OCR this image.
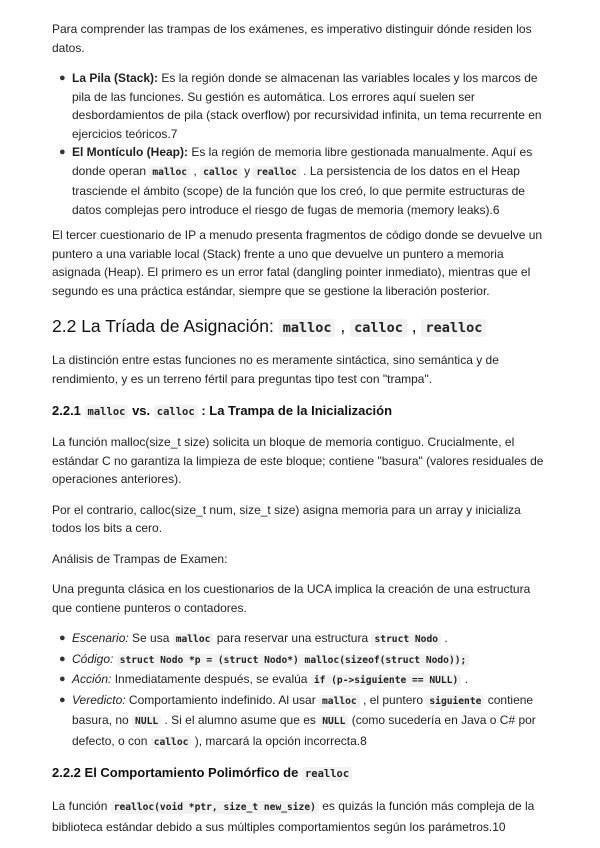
Para comprender las trampas de los exámenes, es imperativo distinguir dónde residen los datos.

● La Pila (Stack): Es la región donde se almacenan las variables locales y los marcos de pila de las funciones. Su gestión es automática. Los errores aquí suelen ser desbordamientos de pila (stack overflow) por recursividad infinita, un tema recurrente en ejercicios teóricos.7
● El Montículo (Heap): Es la región de memoria libre gestionada manualmente. Aquí es donde operan malloc , calloc y realloc . La persistencia de los datos en el Heap trasciende el ámbito (scope) de la función que los creó, lo que permite estructuras de datos complejas pero introduce el riesgo de fugas de memoria (memory leaks).6

El tercer cuestionario de IP a menudo presenta fragmentos de código donde se devuelve un puntero a una variable local (Stack) frente a uno que devuelve un puntero a memoria asignada (Heap). El primero es un error fatal (dangling pointer inmediato), mientras que el segundo es una práctica estándar, siempre que se gestione la liberación posterior.

2.2 La Tríada de Asignación: malloc , calloc , realloc

La distinción entre estas funciones no es meramente sintáctica, sino semántica y de rendimiento, y es un terreno fértil para preguntas tipo test con "trampa".

2.2.1 malloc vs. calloc : La Trampa de la Inicialización

La función malloc(size_t size) solicita un bloque de memoria contiguo. Crucialmente, el estándar C no garantiza la limpieza de este bloque; contiene "basura" (valores residuales de operaciones anteriores).

Por el contrario, calloc(size_t num, size_t size) asigna memoria para un array y inicializa todos los bits a cero.

Análisis de Trampas de Examen:

Una pregunta clásica en los cuestionarios de la UCA implica la creación de una estructura que contiene punteros o contadores.

● Escenario: Se usa malloc para reservar una estructura struct Nodo .
● Código: struct Nodo *p = (struct Nodo*) malloc(sizeof(struct Nodo));
● Acción: Inmediatamente después, se evalúa if (p->siguiente == NULL) .
● Veredicto: Comportamiento indefinido. Al usar malloc , el puntero siguiente contiene basura, no NULL . Si el alumno asume que es NULL (como sucedería en Java o C# por defecto, o con calloc ), marcará la opción incorrecta.8
2.2.2 El Comportamiento Polimórfico de realloc

La función realloc(void *ptr, size_t new_size) es quizás la función más compleja de la biblioteca estándar debido a sus múltiples comportamientos según los parámetros.10
